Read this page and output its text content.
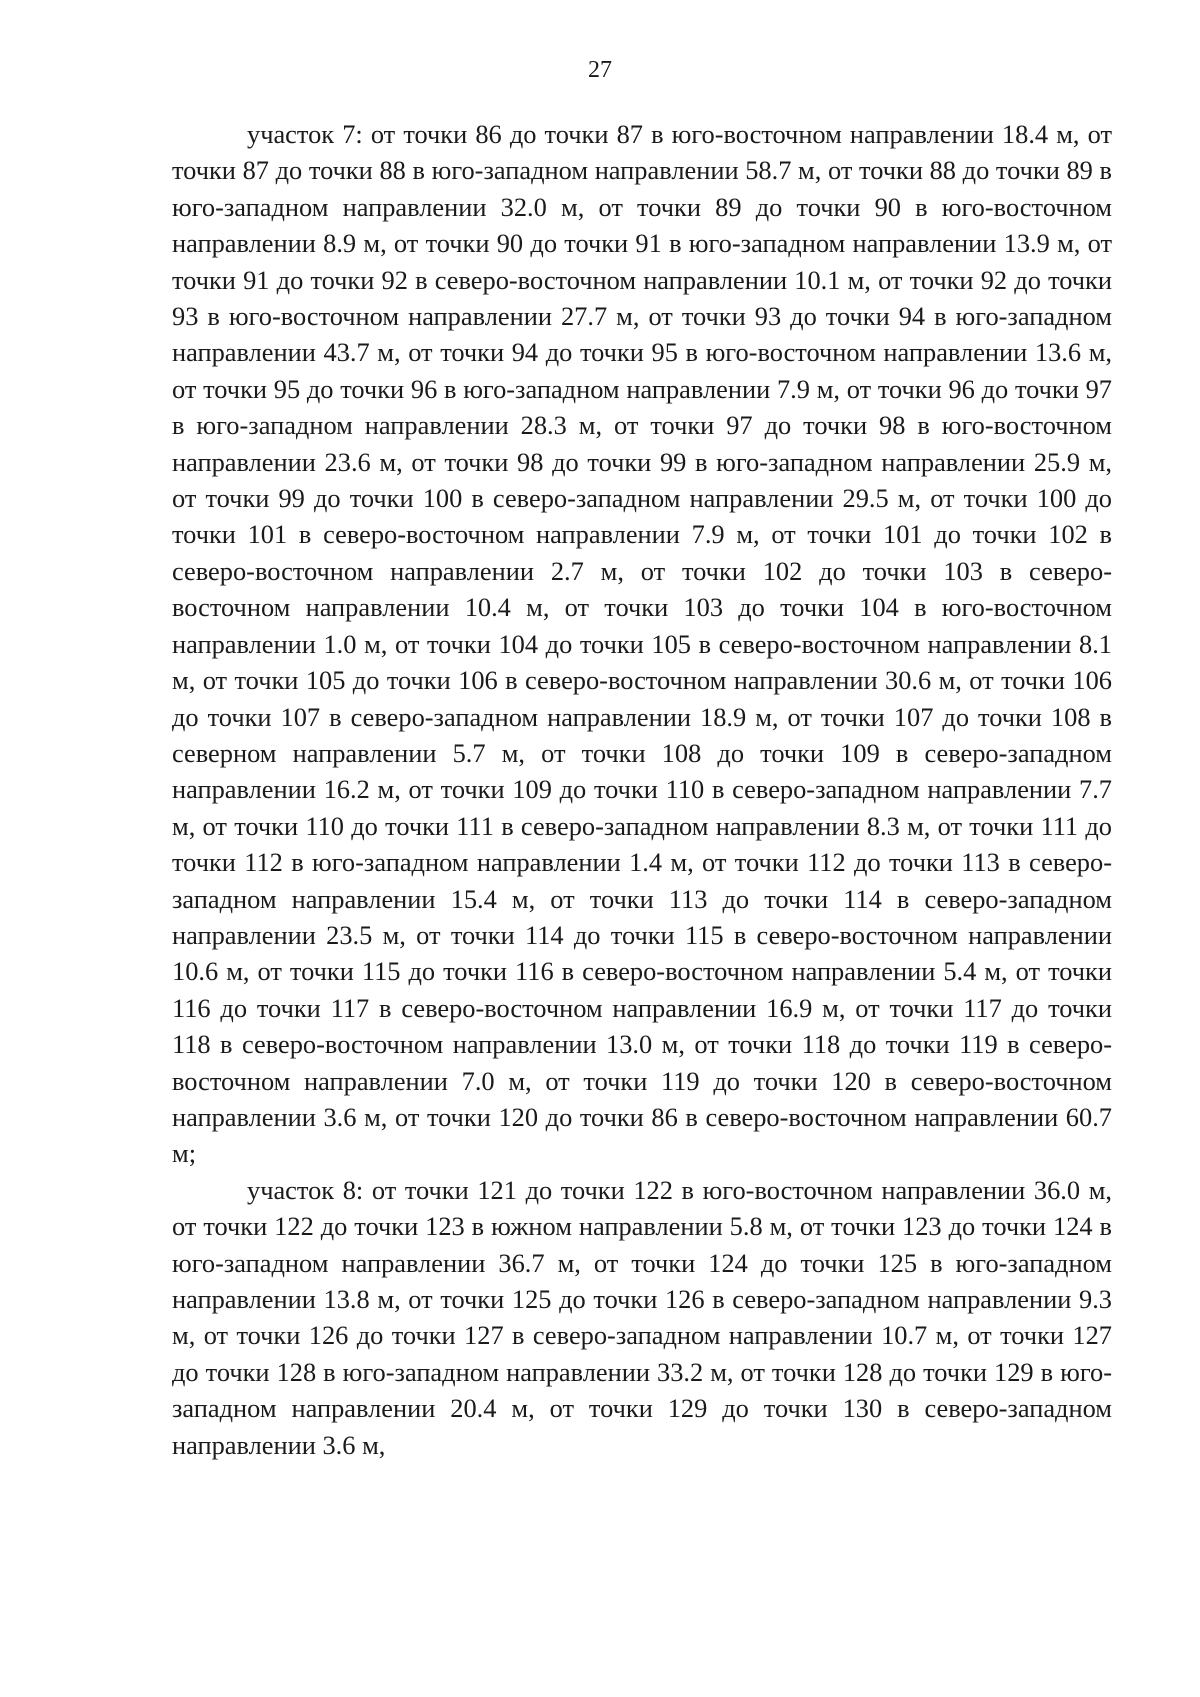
27

участок 7: от точки 86 до точки 87 в юго-восточном направлении 18.4 м, от точки 87 до точки 88 в юго-западном направлении 58.7 м, от точки 88 до точки 89 в юго-западном направлении 32.0 м, от точки 89 до точки 90 в юго-восточном направлении 8.9 м, от точки 90 до точки 91 в юго-западном направлении 13.9 м, от точки 91 до точки 92 в северо-восточном направлении 10.1 м, от точки 92 до точки 93 в юго-восточном направлении 27.7 м, от точки 93 до точки 94 в юго-западном направлении 43.7 м, от точки 94 до точки 95 в юго-восточном направлении 13.6 м, от точки 95 до точки 96 в юго-западном направлении 7.9 м, от точки 96 до точки 97 в юго-западном направлении 28.3 м, от точки 97 до точки 98 в юго-восточном направлении 23.6 м, от точки 98 до точки 99 в юго-западном направлении 25.9 м, от точки 99 до точки 100 в северо-западном направлении 29.5 м, от точки 100 до точки 101 в северо-восточном направлении 7.9 м, от точки 101 до точки 102 в северо-восточном направлении 2.7 м, от точки 102 до точки 103 в северо-восточном направлении 10.4 м, от точки 103 до точки 104 в юго-восточном направлении 1.0 м, от точки 104 до точки 105 в северо-восточном направлении 8.1 м, от точки 105 до точки 106 в северо-восточном направлении 30.6 м, от точки 106 до точки 107 в северо-западном направлении 18.9 м, от точки 107 до точки 108 в северном направлении 5.7 м, от точки 108 до точки 109 в северо-западном направлении 16.2 м, от точки 109 до точки 110 в северо-западном направлении 7.7 м, от точки 110 до точки 111 в северо-западном направлении 8.3 м, от точки 111 до точки 112 в юго-западном направлении 1.4 м, от точки 112 до точки 113 в северо-западном направлении 15.4 м, от точки 113 до точки 114 в северо-западном направлении 23.5 м, от точки 114 до точки 115 в северо-восточном направлении 10.6 м, от точки 115 до точки 116 в северо-восточном направлении 5.4 м, от точки 116 до точки 117 в северо-восточном направлении 16.9 м, от точки 117 до точки 118 в северо-восточном направлении 13.0 м, от точки 118 до точки 119 в северо-восточном направлении 7.0 м, от точки 119 до точки 120 в северо-восточном направлении 3.6 м, от точки 120 до точки 86 в северо-восточном направлении 60.7 м;

участок 8: от точки 121 до точки 122 в юго-восточном направлении 36.0 м, от точки 122 до точки 123 в южном направлении 5.8 м, от точки 123 до точки 124 в юго-западном направлении 36.7 м, от точки 124 до точки 125 в юго-западном направлении 13.8 м, от точки 125 до точки 126 в северо-западном направлении 9.3 м, от точки 126 до точки 127 в северо-западном направлении 10.7 м, от точки 127 до точки 128 в юго-западном направлении 33.2 м, от точки 128 до точки 129 в юго-западном направлении 20.4 м, от точки 129 до точки 130 в северо-западном направлении 3.6 м,
